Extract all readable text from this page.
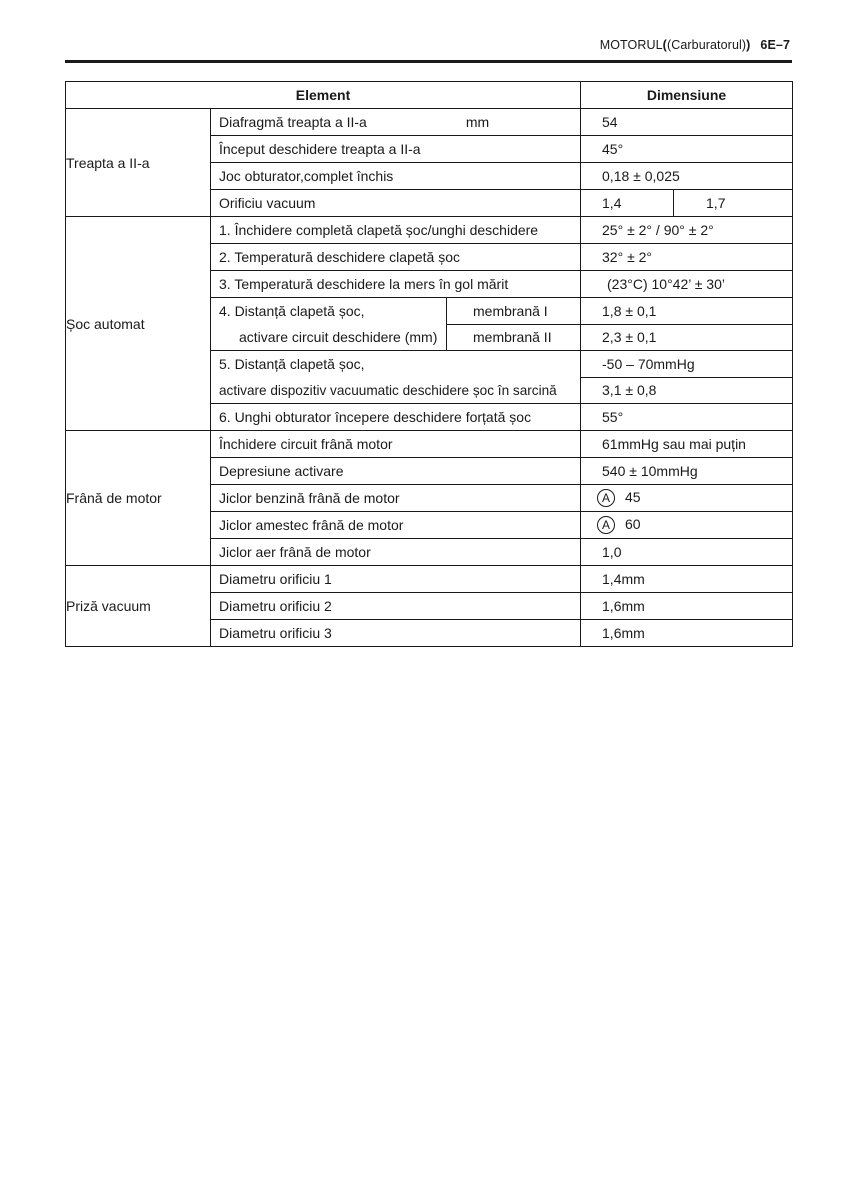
MOTORUL((Carburatorul)) 6E–7
Element			Dimensiune
Treapta a II-a	Diafragmă treapta a II-a mm		54
	Început deschidere treapta a II-a		45°
	Joc obturator,complet închis		0,18 ± 0,025
	Orificiu vacuum		1,4 1,7

Șoc automat	1. Închidere completă clapetă șoc/unghi deschidere		25° ± 2° / 90° ± 2°
	2. Temperatură deschidere clapetă șoc		32° ± 2°
	3. Temperatură deschidere la mers în gol mărit		(23°C) 10°42’ ± 30’
	4. Distanță clapetă șoc,	membrană I	1,8 ± 0,1
	activare circuit deschidere (mm)	membrană II	2,3 ± 0,1
	5. Distanță clapetă șoc,		-50 – 70mmHg
	activare dispozitiv vacuumatic deschidere șoc în sarcină		3,1 ± 0,8
	6. Unghi obturator începere deschidere forțată șoc		55°
Frână de motor	Închidere circuit frână motor		61mmHg sau mai puțin
	Depresiune activare		540 ± 10mmHg
	Jiclor benzină frână de motor		A 45
	Jiclor amestec frână de motor		A 60
	Jiclor aer frână de motor		1,0
Priză vacuum	Diametru orificiu 1		1,4mm
	Diametru orificiu 2		1,6mm
	Diametru orificiu 3		1,6mm
